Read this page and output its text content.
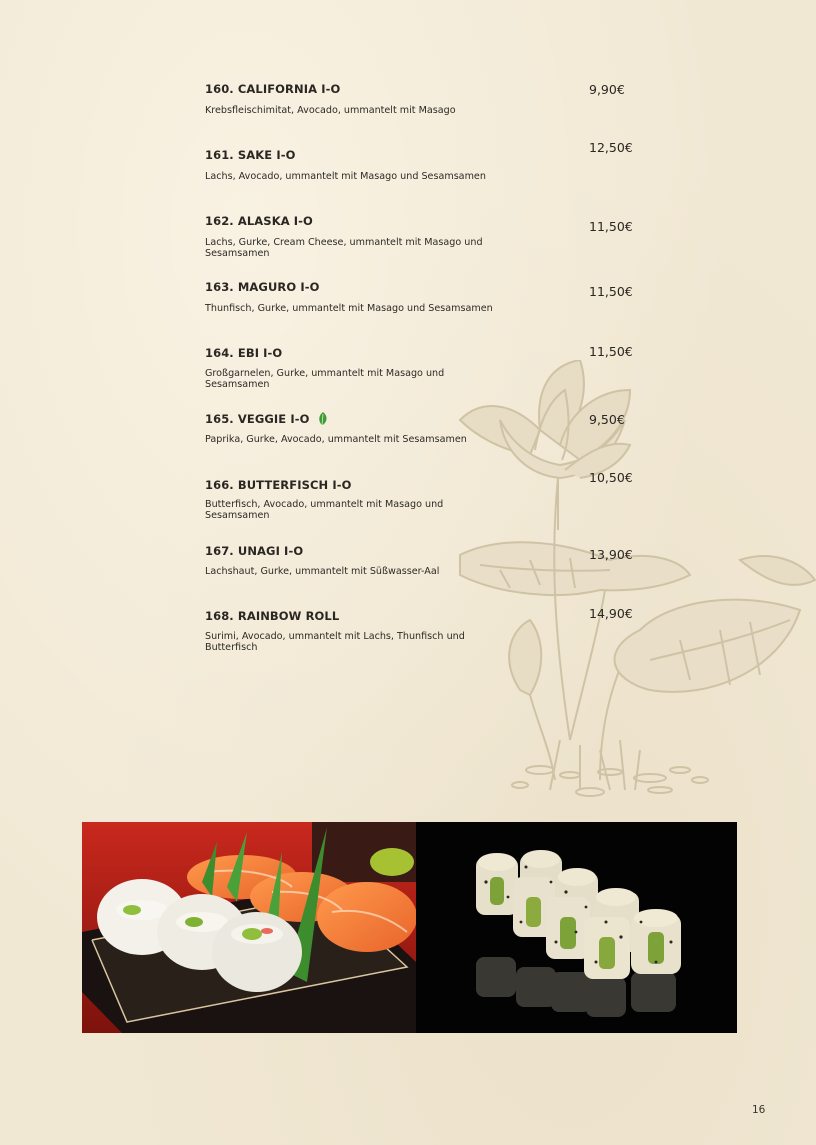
160. CALIFORNIA I-O
Krebsfleischimitat, Avocado, ummantelt mit Masago
9,90€
161. SAKE I-O
Lachs, Avocado, ummantelt mit Masago und Sesamsamen
12,50€
162. ALASKA I-O
Lachs, Gurke, Cream Cheese, ummantelt mit Masago und Sesamsamen
11,50€
163. MAGURO I-O
Thunfisch, Gurke, ummantelt mit Masago und Sesamsamen
11,50€
164. EBI I-O
Großgarnelen, Gurke, ummantelt mit Masago und Sesamsamen
11,50€
165. VEGGIE I-O
Paprika, Gurke, Avocado, ummantelt mit Sesamsamen
9,50€
166. BUTTERFISCH I-O
Butterfisch, Avocado, ummantelt mit Masago und Sesamsamen
10,50€
167. UNAGI I-O
Lachshaut, Gurke, ummantelt mit Süßwasser-Aal
13,90€
168. RAINBOW ROLL
Surimi, Avocado, ummantelt mit Lachs, Thunfisch und Butterfisch
14,90€
16
